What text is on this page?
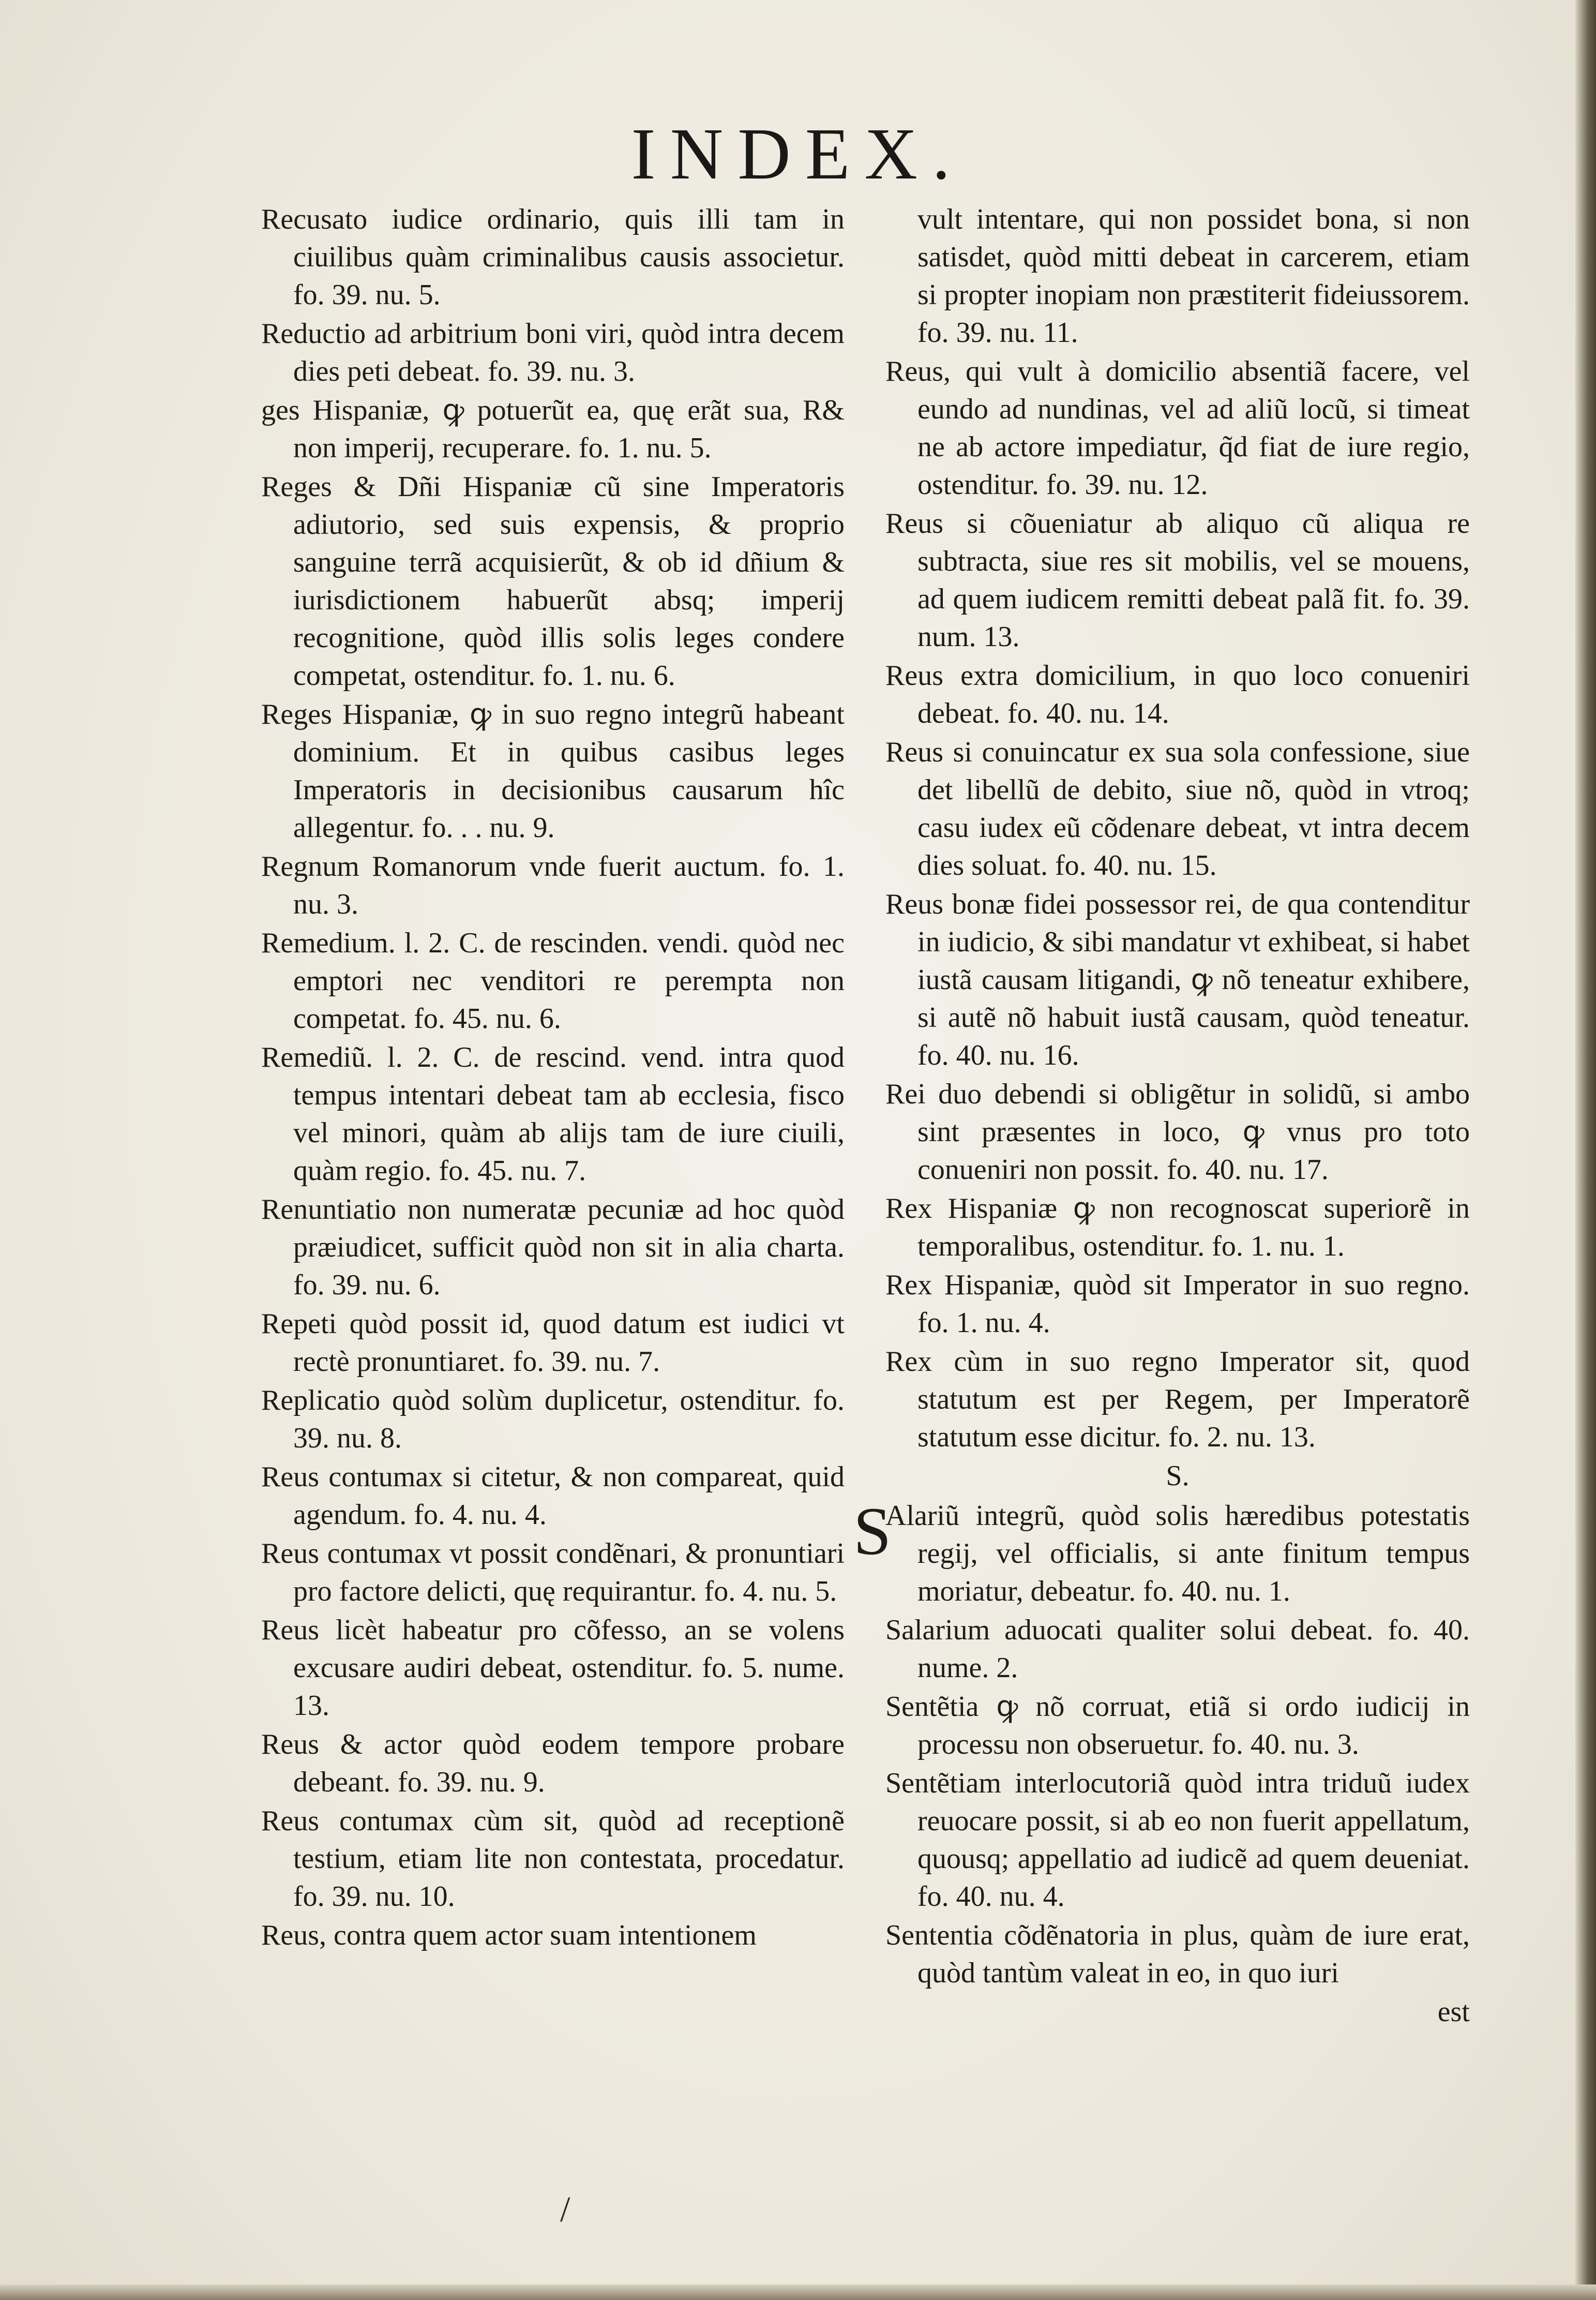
INDEX.

Recusato iudice ordinario, quis illi tam in ciuilibus quàm criminalibus causis associetur. fo. 39. nu. 5.

Reductio ad arbitrium boni viri, quòd intra decem dies peti debeat. fo. 39. nu. 3.

ges Hispaniæ, ꝙ potuerũt ea, quę erãt sua, R& non imperij, recuperare. fo. 1. nu. 5.

Reges & Dñi Hispaniæ cũ sine Imperatoris adiutorio, sed suis expensis, & proprio sanguine terrã acquisierũt, & ob id dñium & iurisdictionem habuerũt absq; imperij recognitione, quòd illis solis leges condere competat, ostenditur. fo. 1. nu. 6.

Reges Hispaniæ, ꝙ in suo regno integrũ habeant dominium. Et in quibus casibus leges Imperatoris in decisionibus causarum hîc allegentur. fo. . . nu. 9.

Regnum Romanorum vnde fuerit auctum. fo. 1. nu. 3.

Remedium. l. 2. C. de rescinden. vendi. quòd nec emptori nec venditori re perempta non competat. fo. 45. nu. 6.

Remediũ. l. 2. C. de rescind. vend. intra quod tempus intentari debeat tam ab ecclesia, fisco vel minori, quàm ab alijs tam de iure ciuili, quàm regio. fo. 45. nu. 7.

Renuntiatio non numeratæ pecuniæ ad hoc quòd præiudicet, sufficit quòd non sit in alia charta. fo. 39. nu. 6.

Repeti quòd possit id, quod datum est iudici vt rectè pronuntiaret. fo. 39. nu. 7.

Replicatio quòd solùm duplicetur, ostenditur. fo. 39. nu. 8.

Reus contumax si citetur, & non compareat, quid agendum. fo. 4. nu. 4.

Reus contumax vt possit condẽnari, & pronuntiari pro factore delicti, quę requirantur. fo. 4. nu. 5.

Reus licèt habeatur pro cõfesso, an se volens excusare audiri debeat, ostenditur. fo. 5. nume. 13.

Reus & actor quòd eodem tempore probare debeant. fo. 39. nu. 9.

Reus contumax cùm sit, quòd ad receptionẽ testium, etiam lite non contestata, procedatur. fo. 39. nu. 10.

Reus, contra quem actor suam intentionem

vult intentare, qui non possidet bona, si non satisdet, quòd mitti debeat in carcerem, etiam si propter inopiam non præstiterit fideiussorem. fo. 39. nu. 11.

Reus, qui vult à domicilio absentiã facere, vel eundo ad nundinas, vel ad aliũ locũ, si timeat ne ab actore impediatur, q̃d fiat de iure regio, ostenditur. fo. 39. nu. 12.

Reus si cõueniatur ab aliquo cũ aliqua re subtracta, siue res sit mobilis, vel se mouens, ad quem iudicem remitti debeat palã fit. fo. 39. num. 13.

Reus extra domicilium, in quo loco conueniri debeat. fo. 40. nu. 14.

Reus si conuincatur ex sua sola confessione, siue det libellũ de debito, siue nõ, quòd in vtroq; casu iudex eũ cõdenare debeat, vt intra decem dies soluat. fo. 40. nu. 15.

Reus bonæ fidei possessor rei, de qua contenditur in iudicio, & sibi mandatur vt exhibeat, si habet iustã causam litigandi, ꝙ nõ teneatur exhibere, si autẽ nõ habuit iustã causam, quòd teneatur. fo. 40. nu. 16.

Rei duo debendi si obligẽtur in solidũ, si ambo sint præsentes in loco, ꝙ vnus pro toto conueniri non possit. fo. 40. nu. 17.

Rex Hispaniæ ꝙ non recognoscat superiorẽ in temporalibus, ostenditur. fo. 1. nu. 1.

Rex Hispaniæ, quòd sit Imperator in suo regno. fo. 1. nu. 4.

Rex cùm in suo regno Imperator sit, quod statutum est per Regem, per Imperatorẽ statutum esse dicitur. fo. 2. nu. 13.

S.

S
Alariũ integrũ, quòd solis hæredibus potestatis regij, vel officialis, si ante finitum tempus moriatur, debeatur. fo. 40. nu. 1.

Salarium aduocati qualiter solui debeat. fo. 40. nume. 2.

Sentẽtia ꝙ nõ corruat, etiã si ordo iudicij in processu non obseruetur. fo. 40. nu. 3.

Sentẽtiam interlocutoriã quòd intra triduũ iudex reuocare possit, si ab eo non fuerit appellatum, quousq; appellatio ad iudicẽ ad quem deueniat. fo. 40. nu. 4.

Sententia cõdẽnatoria in plus, quàm de iure erat, quòd tantùm valeat in eo, in quo iuri

est
/
